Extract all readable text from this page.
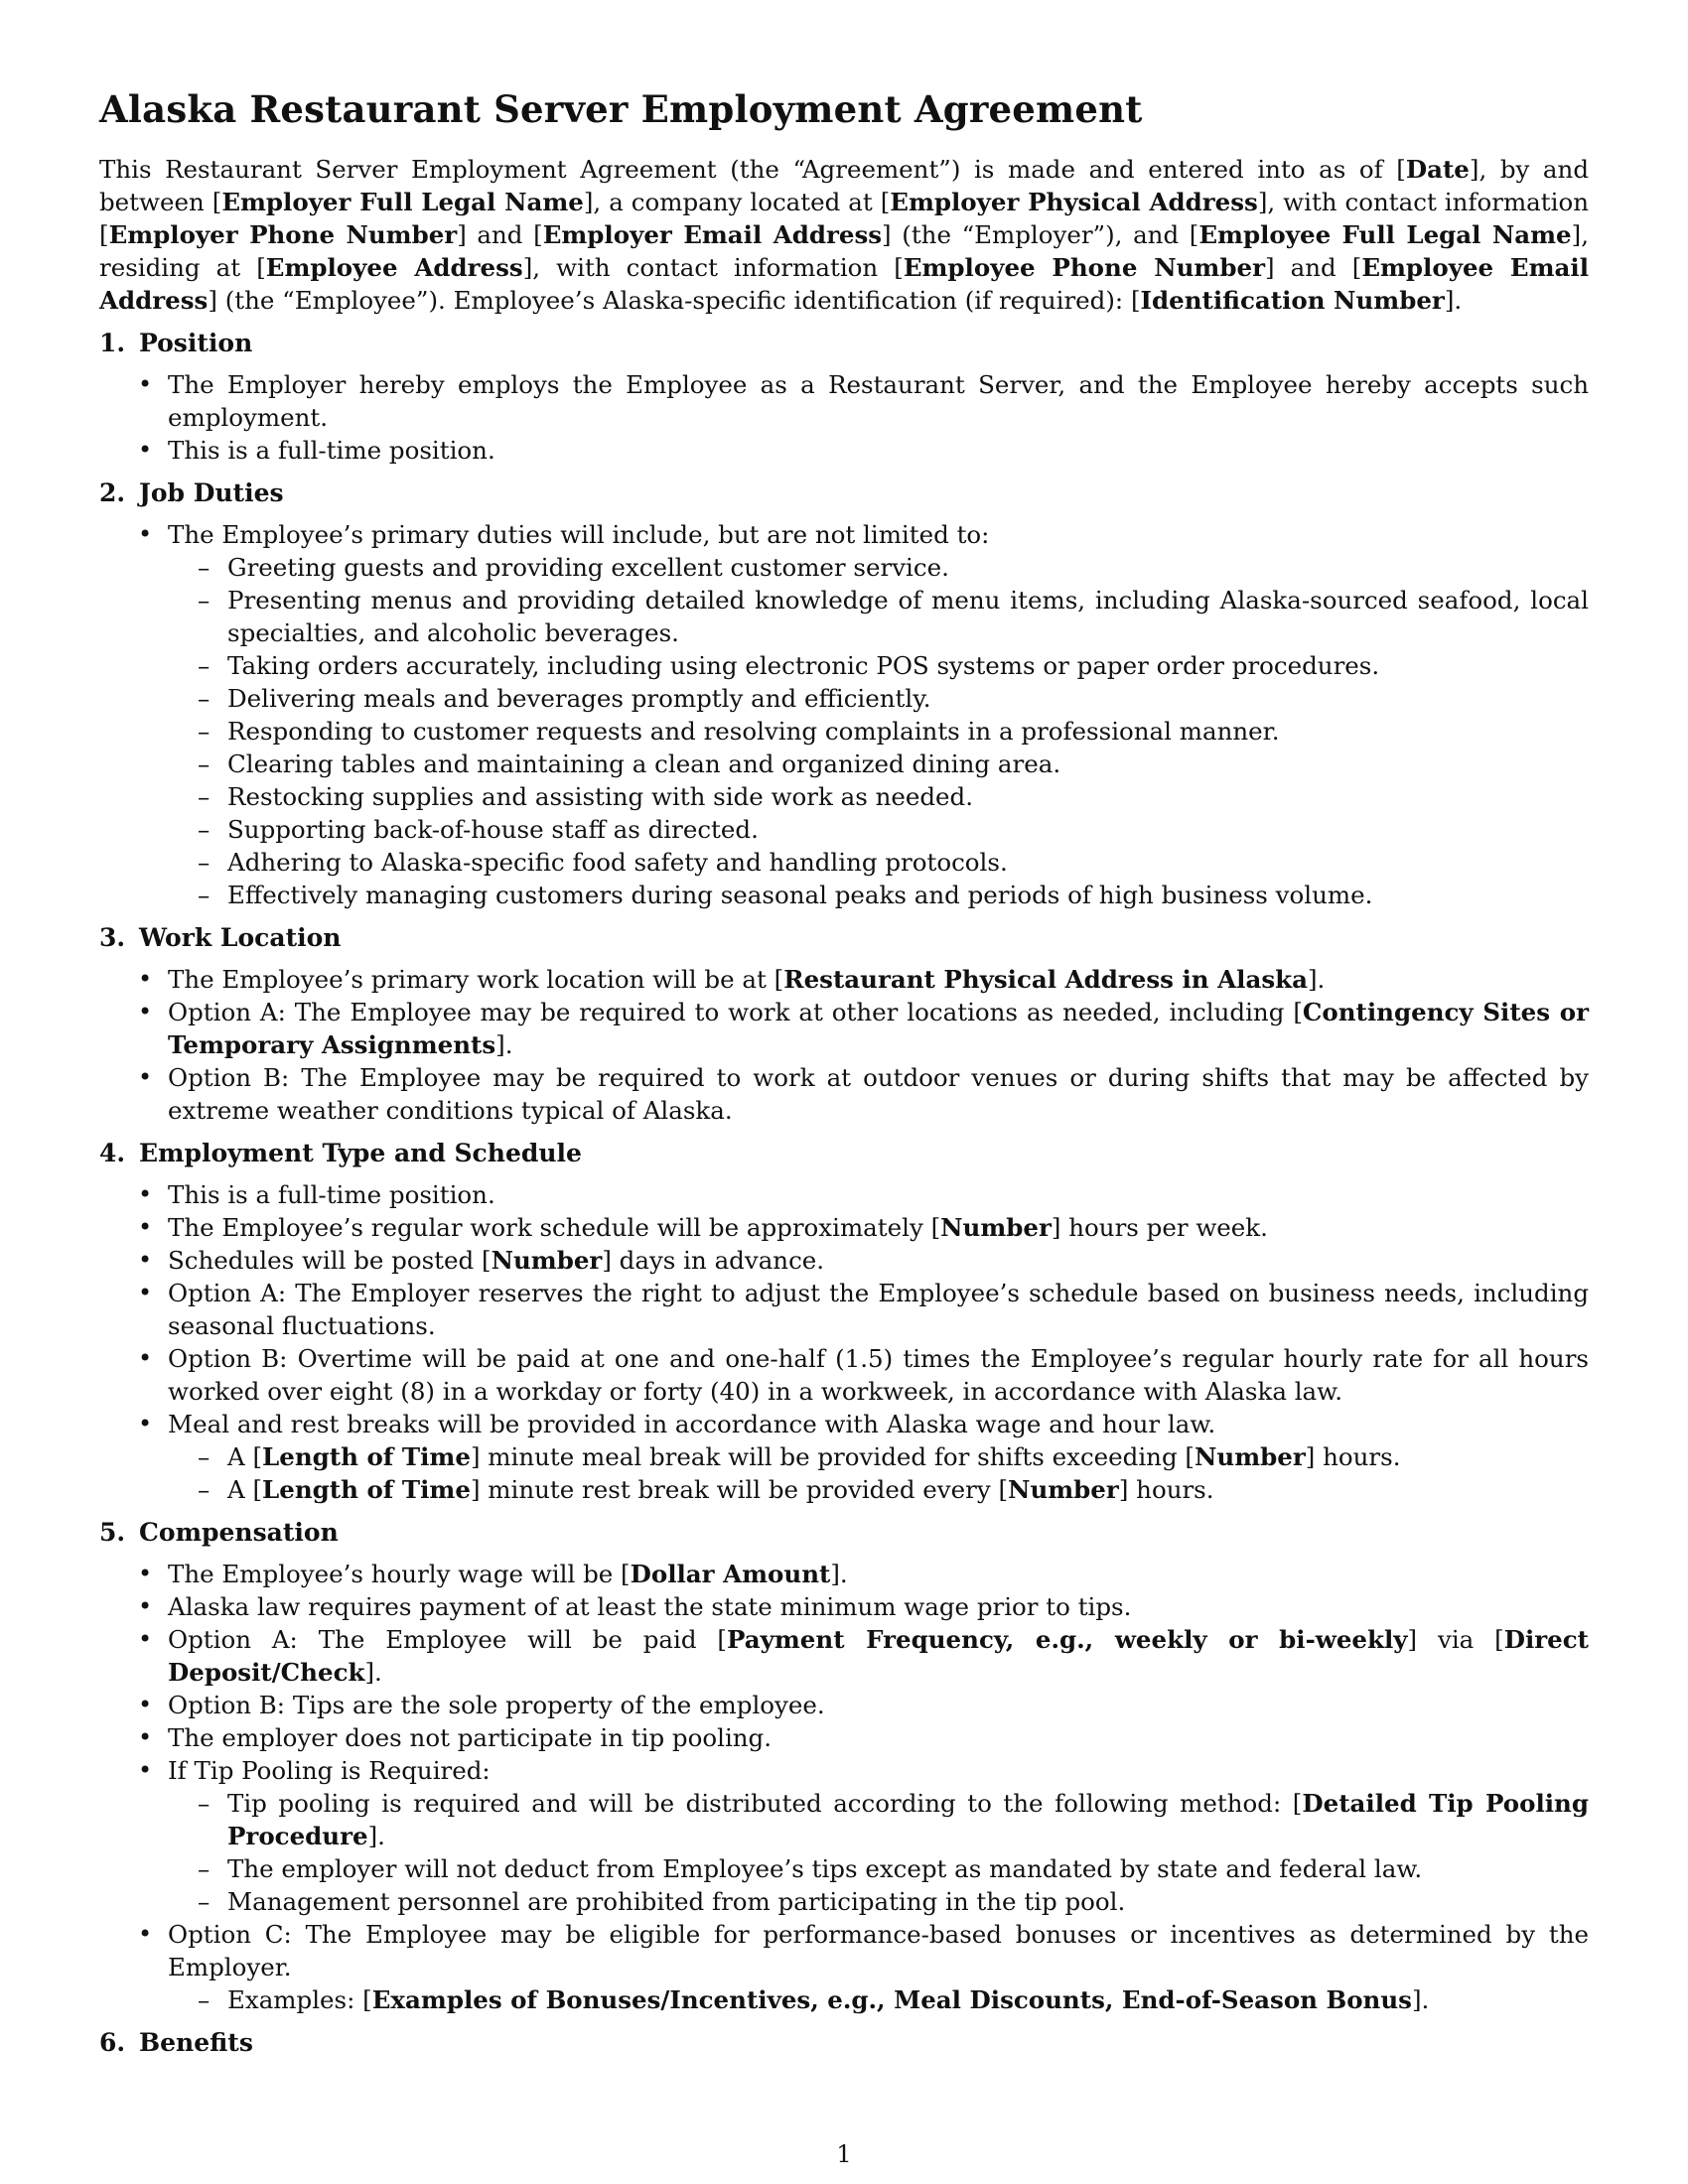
Alaska Restaurant Server Employment Agreement

This Restaurant Server Employment Agreement (the “Agreement”) is made and entered into as of [Date], by and between [Employer Full Legal Name], a company located at [Employer Physical Address], with contact information [Employer Phone Number] and [Employer Email Address] (the “Employer”), and [Employee Full Legal Name], residing at [Employee Address], with contact information [Employee Phone Number] and [Employee Email Address] (the “Employee”). Employee’s Alaska-specific identification (if required): [Identification Number].

1. Position
• The Employer hereby employs the Employee as a Restaurant Server, and the Employee hereby accepts such employment.
• This is a full-time position.
2. Job Duties
• The Employee’s primary duties will include, but are not limited to:
– Greeting guests and providing excellent customer service.
– Presenting menus and providing detailed knowledge of menu items, including Alaska-sourced seafood, local specialties, and alcoholic beverages.
– Taking orders accurately, including using electronic POS systems or paper order procedures.
– Delivering meals and beverages promptly and efficiently.
– Responding to customer requests and resolving complaints in a professional manner.
– Clearing tables and maintaining a clean and organized dining area.
– Restocking supplies and assisting with side work as needed.
– Supporting back-of-house staff as directed.
– Adhering to Alaska-specific food safety and handling protocols.
– Effectively managing customers during seasonal peaks and periods of high business volume.
3. Work Location
• The Employee’s primary work location will be at [Restaurant Physical Address in Alaska].
• Option A: The Employee may be required to work at other locations as needed, including [Contingency Sites or Temporary Assignments].
• Option B: The Employee may be required to work at outdoor venues or during shifts that may be affected by extreme weather conditions typical of Alaska.
4. Employment Type and Schedule
• This is a full-time position.
• The Employee’s regular work schedule will be approximately [Number] hours per week.
• Schedules will be posted [Number] days in advance.
• Option A: The Employer reserves the right to adjust the Employee’s schedule based on business needs, including seasonal fluctuations.
• Option B: Overtime will be paid at one and one-half (1.5) times the Employee’s regular hourly rate for all hours worked over eight (8) in a workday or forty (40) in a workweek, in accordance with Alaska law.
• Meal and rest breaks will be provided in accordance with Alaska wage and hour law.
– A [Length of Time] minute meal break will be provided for shifts exceeding [Number] hours.
– A [Length of Time] minute rest break will be provided every [Number] hours.
5. Compensation
• The Employee’s hourly wage will be [Dollar Amount].
• Alaska law requires payment of at least the state minimum wage prior to tips.
• Option A: The Employee will be paid [Payment Frequency, e.g., weekly or bi-weekly] via [Direct Deposit/Check].
• Option B: Tips are the sole property of the employee.
• The employer does not participate in tip pooling.
• If Tip Pooling is Required:
– Tip pooling is required and will be distributed according to the following method: [Detailed Tip Pooling Procedure].
– The employer will not deduct from Employee’s tips except as mandated by state and federal law.
– Management personnel are prohibited from participating in the tip pool.
• Option C: The Employee may be eligible for performance-based bonuses or incentives as determined by the Employer.
– Examples: [Examples of Bonuses/Incentives, e.g., Meal Discounts, End-of-Season Bonus].
6. Benefits
1
